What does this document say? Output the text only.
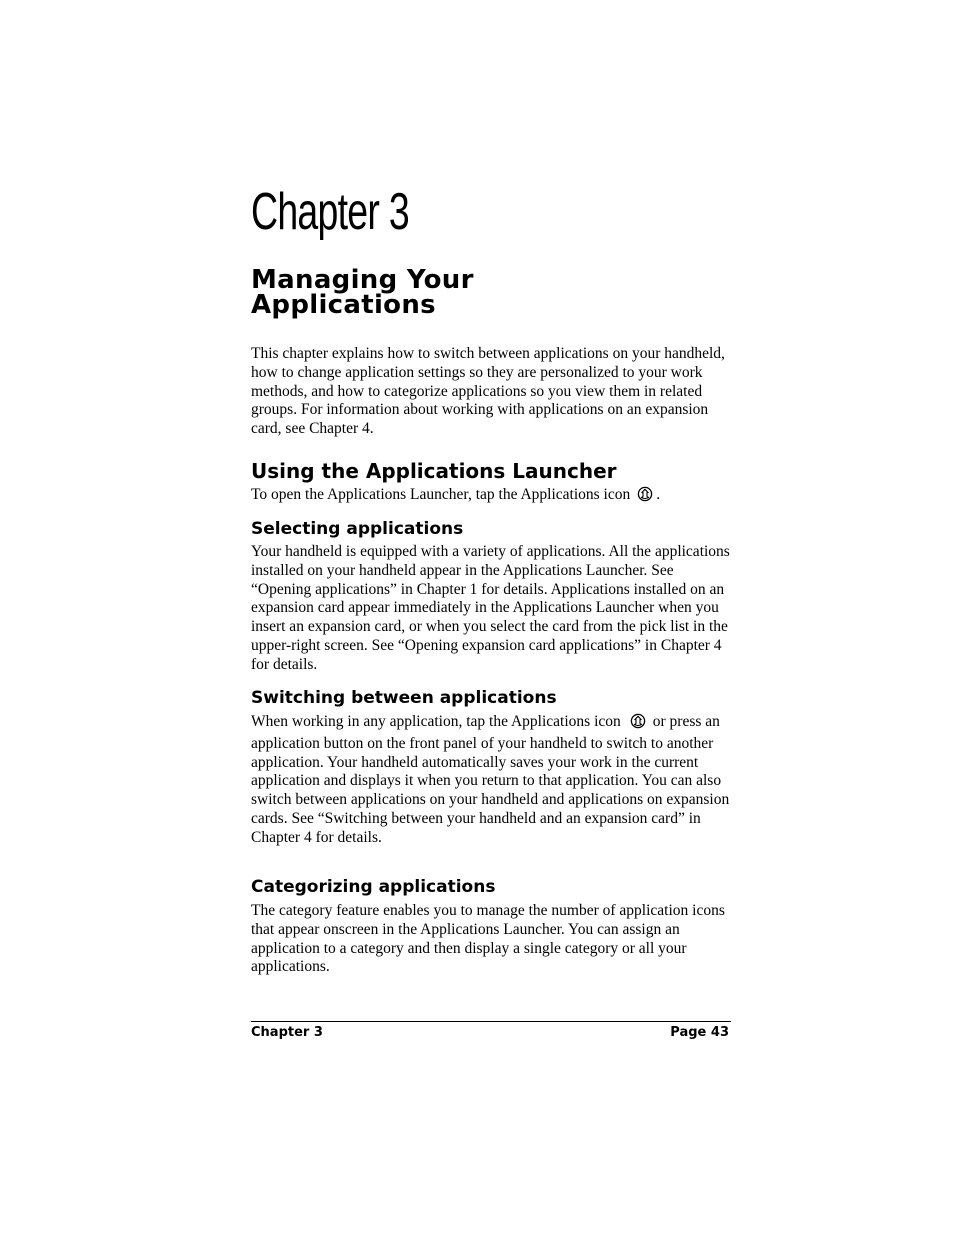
Chapter 3
Managing Your
Applications

This chapter explains how to switch between applications on your handheld, how to change application settings so they are personalized to your work methods, and how to categorize applications so you view them in related groups. For information about working with applications on an expansion card, see Chapter 4.

Using the Applications Launcher

To open the Applications Launcher, tap the Applications icon .

Selecting applications

Your handheld is equipped with a variety of applications. All the applications installed on your handheld appear in the Applications Launcher. See “Opening applications” in Chapter 1 for details. Applications installed on an expansion card appear immediately in the Applications Launcher when you insert an expansion card, or when you select the card from the pick list in the upper-right screen. See “Opening expansion card applications” in Chapter 4 for details.

Switching between applications

When working in any application, tap the Applications icon or press an application button on the front panel of your handheld to switch to another application. Your handheld automatically saves your work in the current application and displays it when you return to that application. You can also switch between applications on your handheld and applications on expansion cards. See “Switching between your handheld and an expansion card” in Chapter 4 for details.

Categorizing applications

The category feature enables you to manage the number of application icons that appear onscreen in the Applications Launcher. You can assign an application to a category and then display a single category or all your applications.

Chapter 3	Page 43
